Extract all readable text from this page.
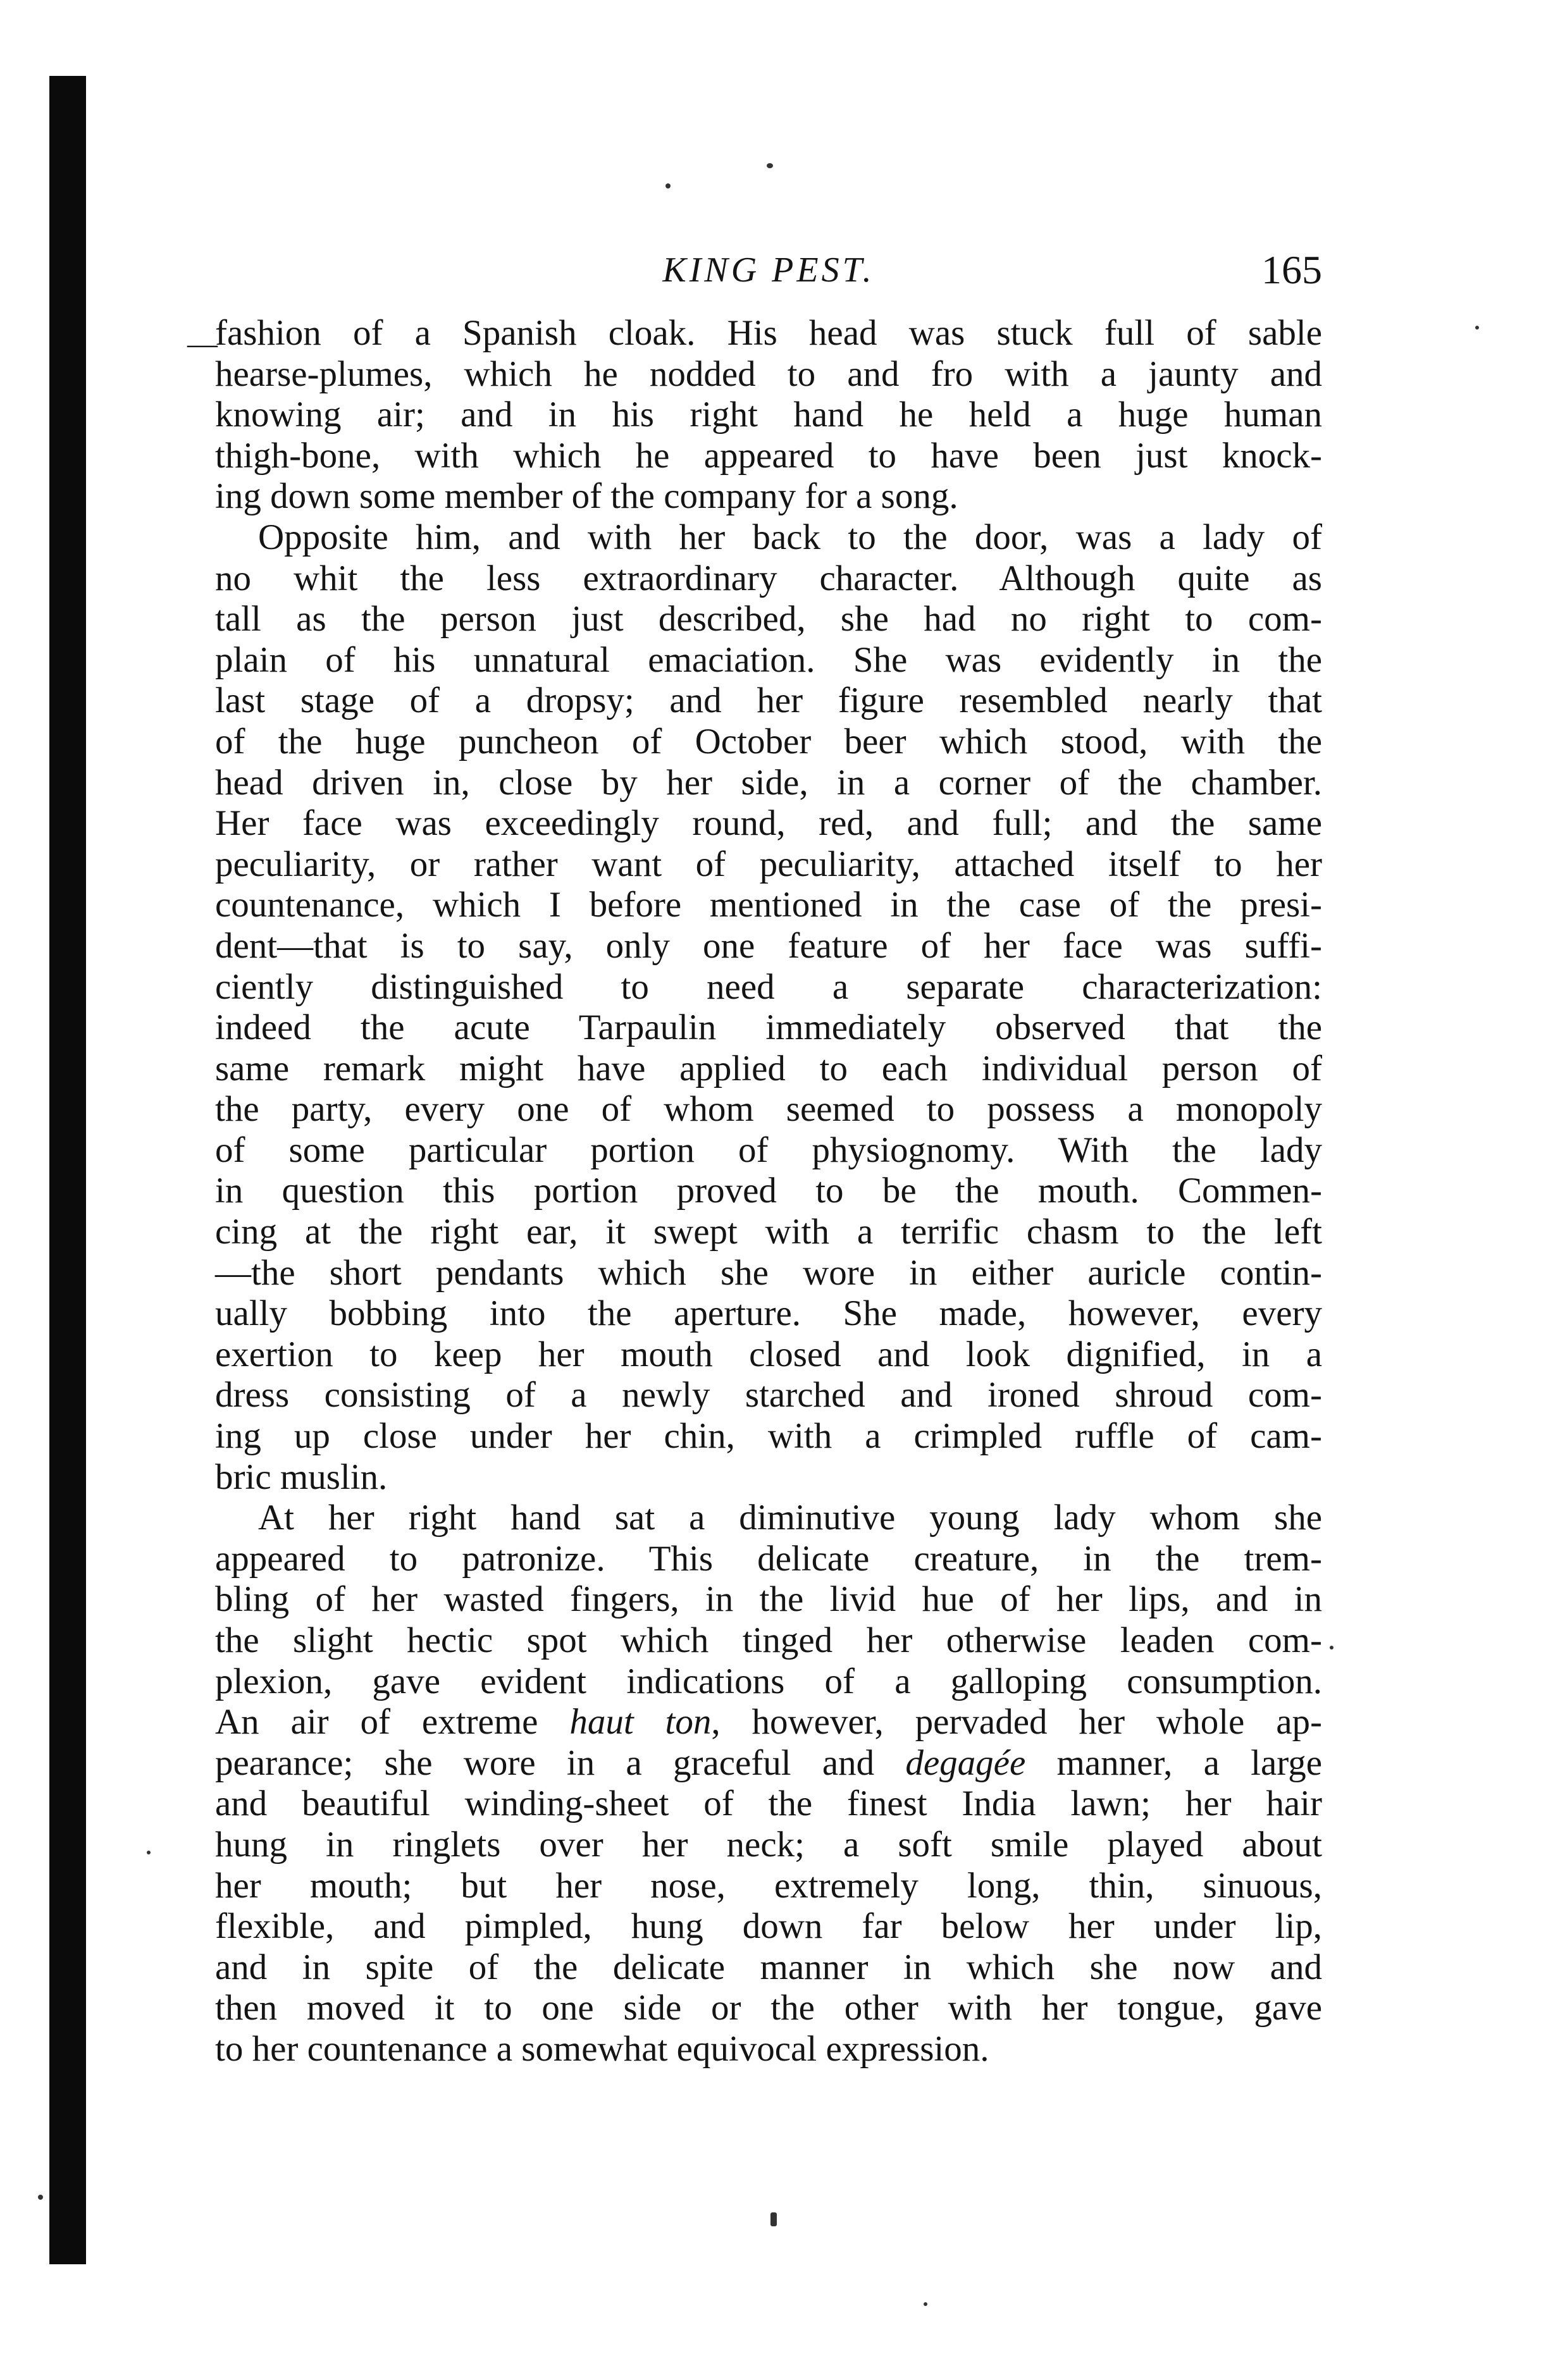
—
KING PEST.	165
fashion of a Spanish cloak. His head was stuck full of sable
hearse-plumes, which he nodded to and fro with a jaunty and
knowing air; and in his right hand he held a huge human
thigh-bone, with which he appeared to have been just knock-
ing down some member of the company for a song.
Opposite him, and with her back to the door, was a lady of
no whit the less extraordinary character. Although quite as
tall as the person just described, she had no right to com-
plain of his unnatural emaciation. She was evidently in the
last stage of a dropsy; and her figure resembled nearly that
of the huge puncheon of October beer which stood, with the
head driven in, close by her side, in a corner of the chamber.
Her face was exceedingly round, red, and full; and the same
peculiarity, or rather want of peculiarity, attached itself to her
countenance, which I before mentioned in the case of the presi-
dent—that is to say, only one feature of her face was suffi-
ciently distinguished to need a separate characterization:
indeed the acute Tarpaulin immediately observed that the
same remark might have applied to each individual person of
the party, every one of whom seemed to possess a monopoly
of some particular portion of physiognomy. With the lady
in question this portion proved to be the mouth. Commen-
cing at the right ear, it swept with a terrific chasm to the left
—the short pendants which she wore in either auricle contin-
ually bobbing into the aperture. She made, however, every
exertion to keep her mouth closed and look dignified, in a
dress consisting of a newly starched and ironed shroud com-
ing up close under her chin, with a crimpled ruffle of cam-
bric muslin.
At her right hand sat a diminutive young lady whom she
appeared to patronize. This delicate creature, in the trem-
bling of her wasted fingers, in the livid hue of her lips, and in
the slight hectic spot which tinged her otherwise leaden com-
plexion, gave evident indications of a galloping consumption.
An air of extreme haut ton, however, pervaded her whole ap-
pearance; she wore in a graceful and degagée manner, a large
and beautiful winding-sheet of the finest India lawn; her hair
hung in ringlets over her neck; a soft smile played about
her mouth; but her nose, extremely long, thin, sinuous,
flexible, and pimpled, hung down far below her under lip,
and in spite of the delicate manner in which she now and
then moved it to one side or the other with her tongue, gave
to her countenance a somewhat equivocal expression.
